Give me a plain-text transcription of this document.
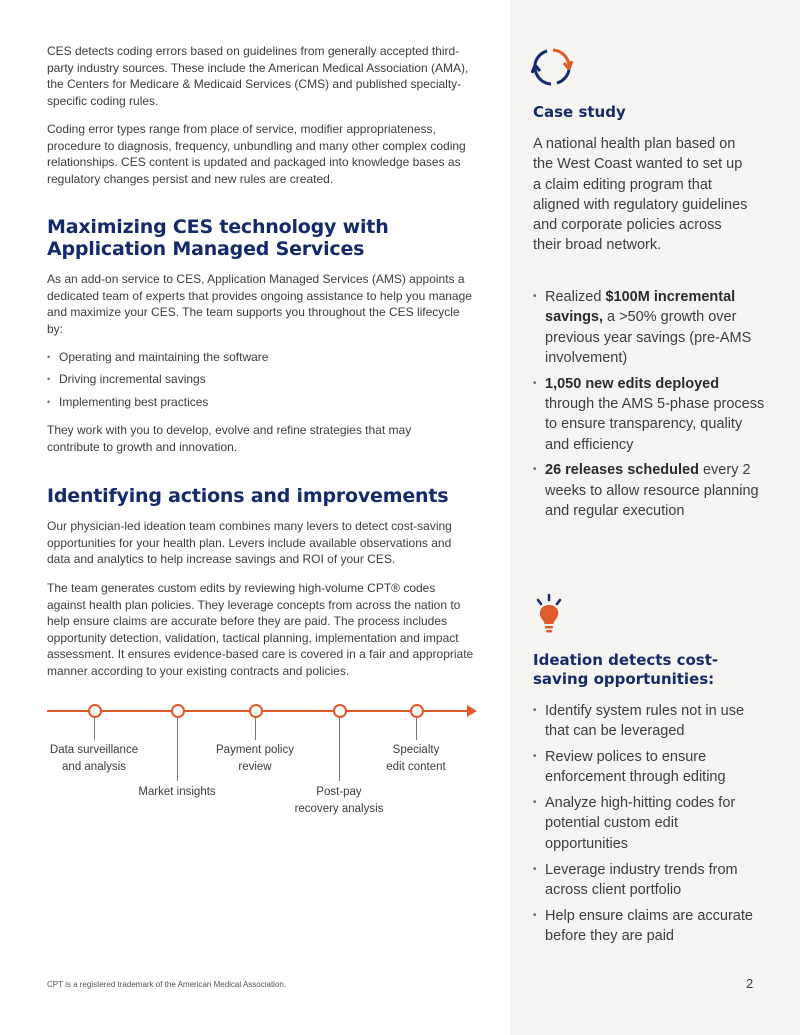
CES detects coding errors based on guidelines from generally accepted third-party industry sources. These include the American Medical Association (AMA), the Centers for Medicare & Medicaid Services (CMS) and published specialty-specific coding rules.

Coding error types range from place of service, modifier appropriateness, procedure to diagnosis, frequency, unbundling and many other complex coding relationships. CES content is updated and packaged into knowledge bases as regulatory changes persist and new rules are created.

Maximizing CES technology with Application Managed Services

As an add-on service to CES, Application Managed Services (AMS) appoints a dedicated team of experts that provides ongoing assistance to help you manage and maximize your CES. The team supports you throughout the CES lifecycle by:

• Operating and maintaining the software
• Driving incremental savings
• Implementing best practices

They work with you to develop, evolve and refine strategies that may contribute to growth and innovation.

Identifying actions and improvements

Our physician-led ideation team combines many levers to detect cost-saving opportunities for your health plan. Levers include available observations and data and analytics to help increase savings and ROI of your CES.

The team generates custom edits by reviewing high-volume CPT® codes against health plan policies. They leverage concepts from across the nation to help ensure claims are accurate before they are paid. The process includes opportunity detection, validation, tactical planning, implementation and impact assessment. It ensures evidence-based care is covered in a fair and appropriate manner according to your existing contracts and policies.

Data surveillance
and analysis
Market insights
Payment policy
review
Post-pay
recovery analysis
Specialty
edit content
Case study
A national health plan based on the West Coast wanted to set up a claim editing program that aligned with regulatory guidelines and corporate policies across their broad network.
• Realized $100M incremental savings, a >50% growth over previous year savings (pre-AMS involvement)
• 1,050 new edits deployed through the AMS 5-phase process to ensure transparency, quality and efficiency
• 26 releases scheduled every 2 weeks to allow resource planning and regular execution
Ideation detects cost-saving opportunities:
• Identify system rules not in use that can be leveraged
• Review polices to ensure enforcement through editing
• Analyze high-hitting codes for potential custom edit opportunities
• Leverage industry trends from across client portfolio
• Help ensure claims are accurate before they are paid
CPT is a registered trademark of the American Medical Association.	2
